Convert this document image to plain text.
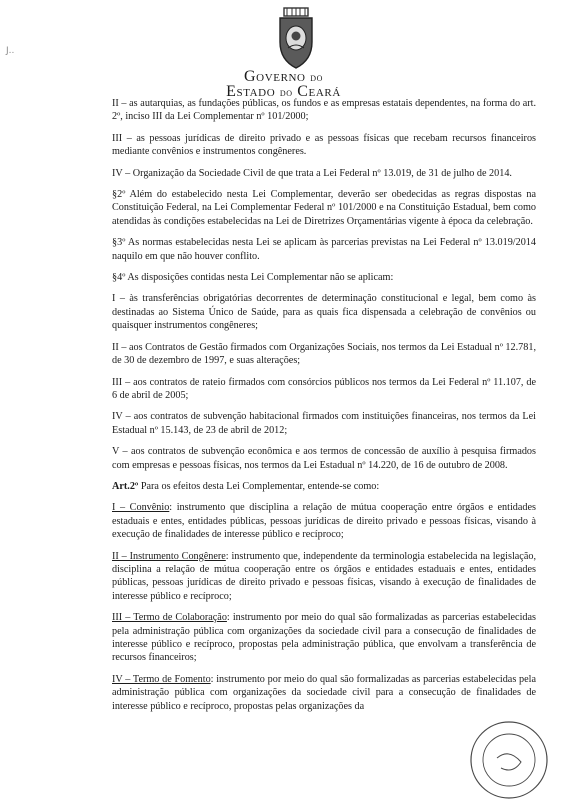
J..
Governo do
Estado do Ceará

II – as autarquias, as fundações públicas, os fundos e as empresas estatais dependentes, na forma do art. 2º, inciso III da Lei Complementar nº 101/2000;

III – as pessoas jurídicas de direito privado e as pessoas físicas que recebam recursos financeiros mediante convênios e instrumentos congêneres.

IV – Organização da Sociedade Civil de que trata a Lei Federal nº 13.019, de 31 de julho de 2014.

§2º Além do estabelecido nesta Lei Complementar, deverão ser obedecidas as regras dispostas na Constituição Federal, na Lei Complementar Federal nº 101/2000 e na Constituição Estadual, bem como atendidas às condições estabelecidas na Lei de Diretrizes Orçamentárias vigente à época da celebração.

§3º As normas estabelecidas nesta Lei se aplicam às parcerias previstas na Lei Federal nº 13.019/2014 naquilo em que não houver conflito.

§4º As disposições contidas nesta Lei Complementar não se aplicam:

I – às transferências obrigatórias decorrentes de determinação constitucional e legal, bem como às destinadas ao Sistema Único de Saúde, para as quais fica dispensada a celebração de convênios ou quaisquer instrumentos congêneres;

II – aos Contratos de Gestão firmados com Organizações Sociais, nos termos da Lei Estadual nº 12.781, de 30 de dezembro de 1997, e suas alterações;

III – aos contratos de rateio firmados com consórcios públicos nos termos da Lei Federal nº 11.107, de 6 de abril de 2005;

IV – aos contratos de subvenção habitacional firmados com instituições financeiras, nos termos da Lei Estadual nº 15.143, de 23 de abril de 2012;

V – aos contratos de subvenção econômica e aos termos de concessão de auxílio à pesquisa firmados com empresas e pessoas físicas, nos termos da Lei Estadual nº 14.220, de 16 de outubro de 2008.

Art.2º Para os efeitos desta Lei Complementar, entende-se como:

I – Convênio: instrumento que disciplina a relação de mútua cooperação entre órgãos e entidades estaduais e entes, entidades públicas, pessoas jurídicas de direito privado e pessoas físicas, visando à execução de finalidades de interesse público e recíproco;

II – Instrumento Congênere: instrumento que, independente da terminologia estabelecida na legislação, disciplina a relação de mútua cooperação entre os órgãos e entidades estaduais e entes, entidades públicas, pessoas jurídicas de direito privado e pessoas físicas, visando à execução de finalidades de interesse público e recíproco;

III – Termo de Colaboração: instrumento por meio do qual são formalizadas as parcerias estabelecidas pela administração pública com organizações da sociedade civil para a consecução de finalidades de interesse público e recíproco, propostas pela administração pública, que envolvam a transferência de recursos financeiros;

IV – Termo de Fomento: instrumento por meio do qual são formalizadas as parcerias estabelecidas pela administração pública com organizações da sociedade civil para a consecução de finalidades de interesse público e recíproco, propostas pelas organizações da
